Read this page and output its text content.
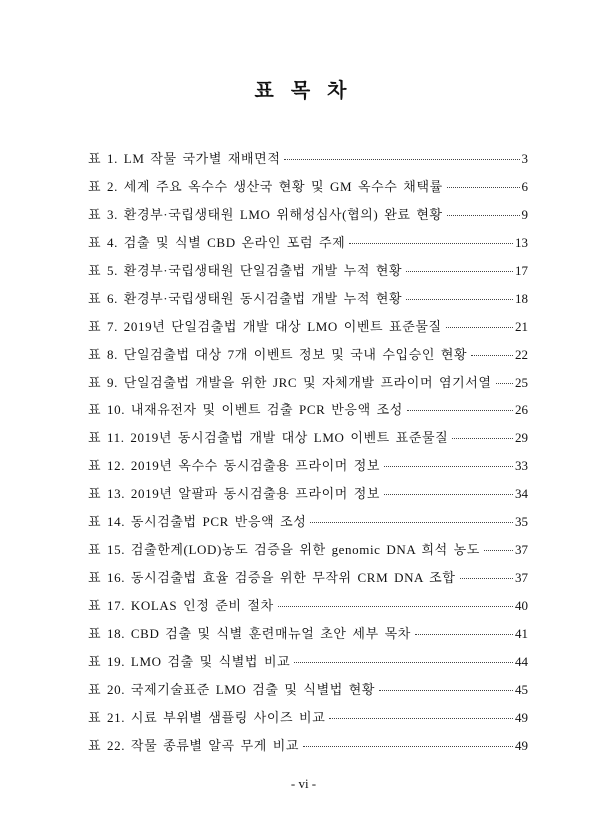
표 목 차
표 1. LM 작물 국가별 재배면적	3
표 2. 세계 주요 옥수수 생산국 현황 및 GM 옥수수 채택률	6
표 3. 환경부·국립생태원 LMO 위해성심사(협의) 완료 현황	9
표 4. 검출 및 식별 CBD 온라인 포럼 주제	13
표 5. 환경부·국립생태원 단일검출법 개발 누적 현황	17
표 6. 환경부·국립생태원 동시검출법 개발 누적 현황	18
표 7. 2019년 단일검출법 개발 대상 LMO 이벤트 표준물질	21
표 8. 단일검출법 대상 7개 이벤트 정보 및 국내 수입승인 현황	22
표 9. 단일검출법 개발을 위한 JRC 및 자체개발 프라이머 염기서열 25
표 10. 내재유전자 및 이벤트 검출 PCR 반응액 조성	26
표 11. 2019년 동시검출법 개발 대상 LMO 이벤트 표준물질	29
표 12. 2019년 옥수수 동시검출용 프라이머 정보	33
표 13. 2019년 알팔파 동시검출용 프라이머 정보	34
표 14. 동시검출법 PCR 반응액 조성	35
표 15. 검출한계(LOD)농도 검증을 위한 genomic DNA 희석 농도	37
표 16. 동시검출법 효율 검증을 위한 무작위 CRM DNA 조합	37
표 17. KOLAS 인정 준비 절차	40
표 18. CBD 검출 및 식별 훈련매뉴얼 초안 세부 목차	41
표 19. LMO 검출 및 식별법 비교	44
표 20. 국제기술표준 LMO 검출 및 식별법 현황	45
표 21. 시료 부위별 샘플링 사이즈 비교	49
표 22. 작물 종류별 알곡 무게 비교	49
- vi -
